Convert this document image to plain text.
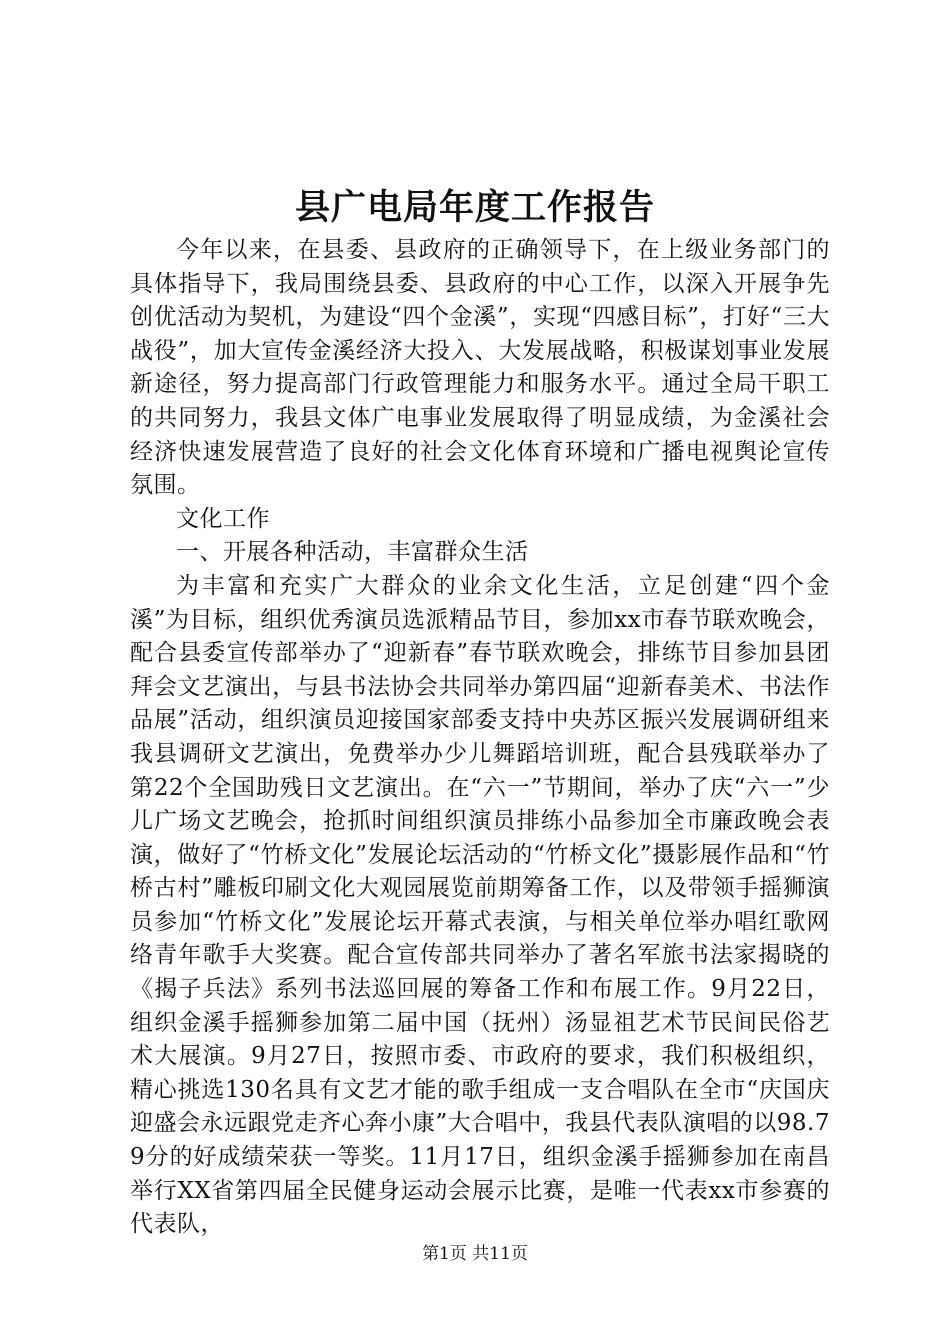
县广电局年度工作报告

今年以来，在县委、县政府的正确领导下，在上级业务部门的具体指导下，我局围绕县委、县政府的中心工作，以深入开展争先创优活动为契机，为建设“四个金溪”，实现“四感目标”，打好“三大战役”，加大宣传金溪经济大投入、大发展战略，积极谋划事业发展新途径，努力提高部门行政管理能力和服务水平。通过全局干职工的共同努力，我县文体广电事业发展取得了明显成绩，为金溪社会经济快速发展营造了良好的社会文化体育环境和广播电视舆论宣传氛围。

文化工作

一、开展各种活动，丰富群众生活

为丰富和充实广大群众的业余文化生活，立足创建“四个金溪”为目标，组织优秀演员选派精品节目，参加xx市春节联欢晚会，配合县委宣传部举办了“迎新春”春节联欢晚会，排练节目参加县团拜会文艺演出，与县书法协会共同举办第四届“迎新春美术、书法作品展”活动，组织演员迎接国家部委支持中央苏区振兴发展调研组来我县调研文艺演出，免费举办少儿舞蹈培训班，配合县残联举办了第22个全国助残日文艺演出。在“六一”节期间，举办了庆“六一”少儿广场文艺晚会，抢抓时间组织演员排练小品参加全市廉政晚会表演，做好了“竹桥文化”发展论坛活动的“竹桥文化”摄影展作品和“竹桥古村”雕板印刷文化大观园展览前期筹备工作，以及带领手摇狮演员参加“竹桥文化”发展论坛开幕式表演，与相关单位举办唱红歌网络青年歌手大奖赛。配合宣传部共同举办了著名军旅书法家揭晓的《揭子兵法》系列书法巡回展的筹备工作和布展工作。9月22日，组织金溪手摇狮参加第二届中国（抚州）汤显祖艺术节民间民俗艺术大展演。9月27日，按照市委、市政府的要求，我们积极组织，精心挑选130名具有文艺才能的歌手组成一支合唱队在全市“庆国庆迎盛会永远跟党走齐心奔小康”大合唱中，我县代表队演唱的以98.79分的好成绩荣获一等奖。11月17日，组织金溪手摇狮参加在南昌举行XX省第四届全民健身运动会展示比赛，是唯一代表xx市参赛的代表队，

第1页 共11页
